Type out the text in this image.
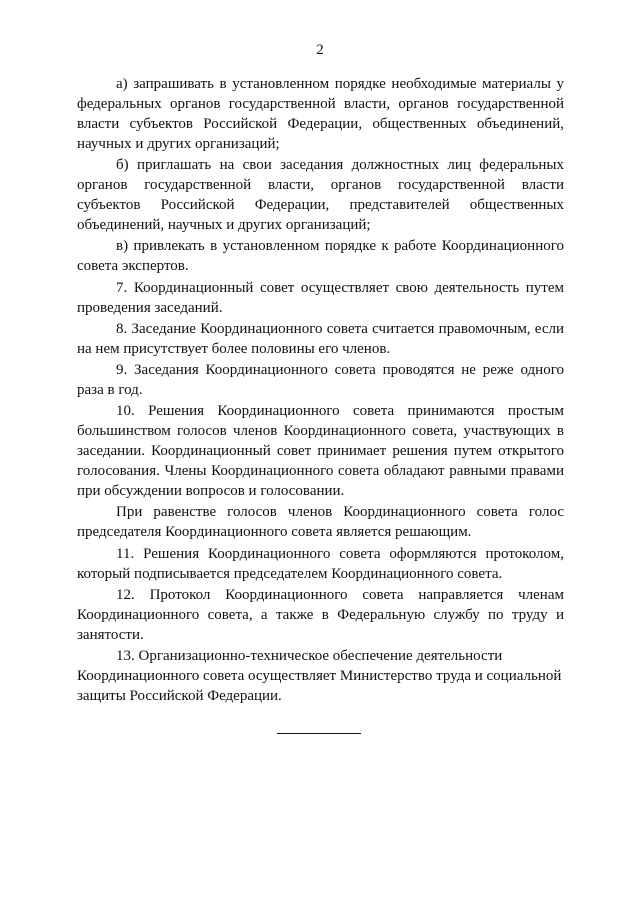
2

а) запрашивать в установленном порядке необходимые материалы у федеральных органов государственной власти, органов государственной власти субъектов Российской Федерации, общественных объединений, научных и других организаций;

б) приглашать на свои заседания должностных лиц федеральных органов государственной власти, органов государственной власти субъектов Российской Федерации, представителей общественных объединений, научных и других организаций;

в) привлекать в установленном порядке к работе Координационного совета экспертов.

7. Координационный совет осуществляет свою деятельность путем проведения заседаний.

8. Заседание Координационного совета считается правомочным, если на нем присутствует более половины его членов.

9. Заседания Координационного совета проводятся не реже одного раза в год.

10. Решения Координационного совета принимаются простым большинством голосов членов Координационного совета, участвующих в заседании. Координационный совет принимает решения путем открытого голосования. Члены Координационного совета обладают равными правами при обсуждении вопросов и голосовании.

При равенстве голосов членов Координационного совета голос председателя Координационного совета является решающим.

11. Решения Координационного совета оформляются протоколом, который подписывается председателем Координационного совета.

12. Протокол Координационного совета направляется членам Координационного совета, а также в Федеральную службу по труду и занятости.

13. Организационно-техническое обеспечение деятельности Координационного совета осуществляет Министерство труда и социальной защиты Российской Федерации.
